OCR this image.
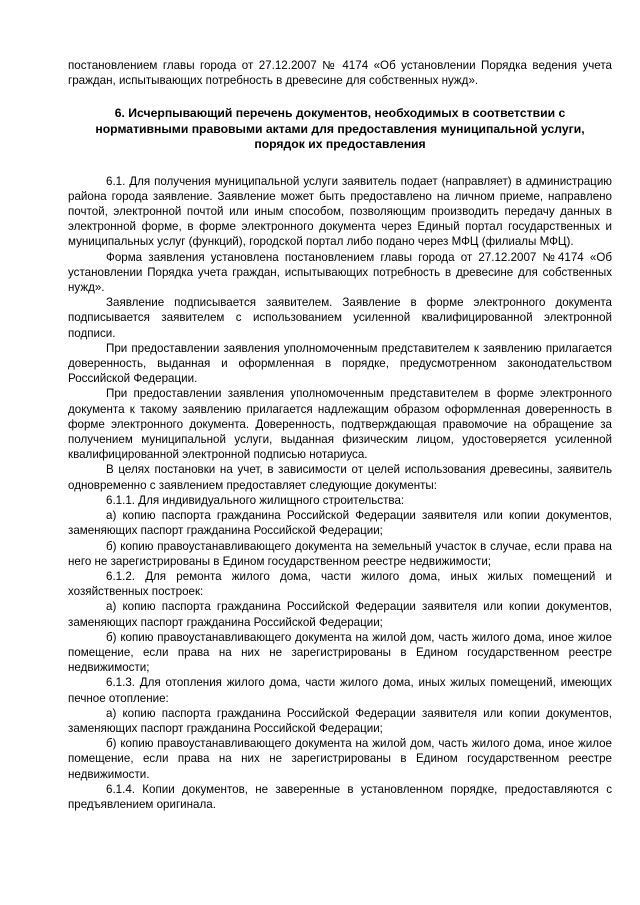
постановлением главы города от 27.12.2007 № 4174 «Об установлении Порядка ведения учета граждан, испытывающих потребность в древесине для собственных нужд».

6. Исчерпывающий перечень документов, необходимых в соответствии с
нормативными правовыми актами для предоставления муниципальной услуги,
порядок их предоставления

6.1. Для получения муниципальной услуги заявитель подает (направляет) в администрацию района города заявление. Заявление может быть предоставлено на личном приеме, направлено почтой, электронной почтой или иным способом, позволяющим производить передачу данных в электронной форме, в форме электронного документа через Единый портал государственных и муниципальных услуг (функций), городской портал либо подано через МФЦ (филиалы МФЦ).

Форма заявления установлена постановлением главы города от 27.12.2007 №4174 «Об установлении Порядка учета граждан, испытывающих потребность в древесине для собственных нужд».

Заявление подписывается заявителем. Заявление в форме электронного документа подписывается заявителем с использованием усиленной квалифицированной электронной подписи.

При предоставлении заявления уполномоченным представителем к заявлению прилагается доверенность, выданная и оформленная в порядке, предусмотренном законодательством Российской Федерации.

При предоставлении заявления уполномоченным представителем в форме электронного документа к такому заявлению прилагается надлежащим образом оформленная доверенность в форме электронного документа. Доверенность, подтверждающая правомочие на обращение за получением муниципальной услуги, выданная физическим лицом, удостоверяется усиленной квалифицированной электронной подписью нотариуса.

В целях постановки на учет, в зависимости от целей использования древесины, заявитель одновременно с заявлением предоставляет следующие документы:

6.1.1. Для индивидуального жилищного строительства:

а) копию паспорта гражданина Российской Федерации заявителя или копии документов, заменяющих паспорт гражданина Российской Федерации;

б) копию правоустанавливающего документа на земельный участок в случае, если права на него не зарегистрированы в Едином государственном реестре недвижимости;

6.1.2. Для ремонта жилого дома, части жилого дома, иных жилых помещений и хозяйственных построек:

а) копию паспорта гражданина Российской Федерации заявителя или копии документов, заменяющих паспорт гражданина Российской Федерации;

б) копию правоустанавливающего документа на жилой дом, часть жилого дома, иное жилое помещение, если права на них не зарегистрированы в Едином государственном реестре недвижимости;

6.1.3. Для отопления жилого дома, части жилого дома, иных жилых помещений, имеющих печное отопление:

а) копию паспорта гражданина Российской Федерации заявителя или копии документов, заменяющих паспорт гражданина Российской Федерации;

б) копию правоустанавливающего документа на жилой дом, часть жилого дома, иное жилое помещение, если права на них не зарегистрированы в Едином государственном реестре недвижимости.

6.1.4. Копии документов, не заверенные в установленном порядке, предоставляются с предъявлением оригинала.
